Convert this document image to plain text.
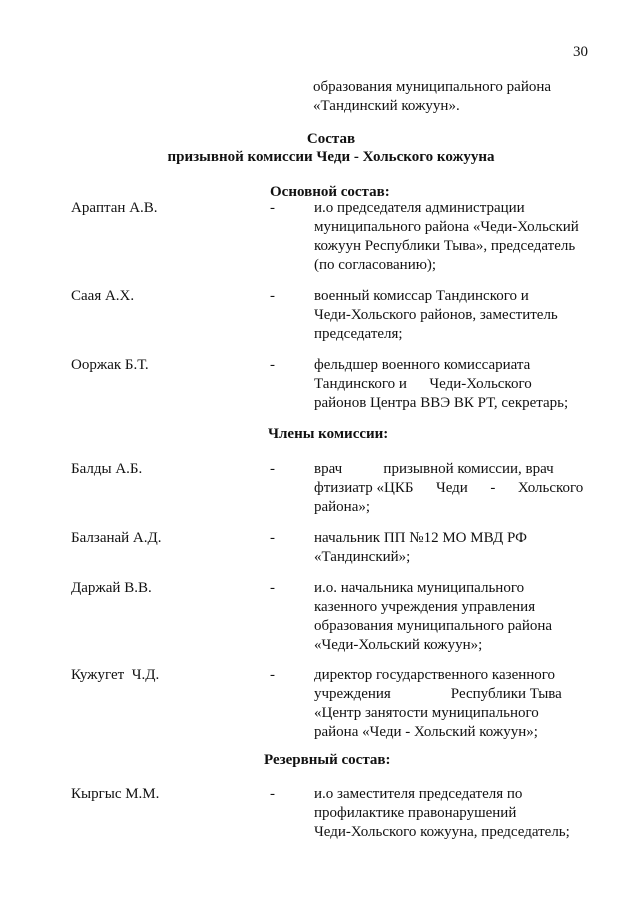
30
образования муниципального района
«Тандинский кожуун».
Состав
призывной комиссии Чеди - Хольского кожууна
Основной состав:
Арaптан А.В.	-	и.о председателя администрации
муниципального района «Чеди-Хольский
кожуун Республики Тыва», председатель
(по согласованию);
Саая А.Х.	-	военный комиссар Тандинского и
Чеди-Хольского районов, заместитель
председателя;
Ооржак Б.Т.	-	фельдшер военного комиссариата
Тандинского и      Чеди-Хольского
районов Центра ВВЭ ВК РТ, секретарь;
Члены комиссии:
Балды А.Б.	-	врач           призывной комиссии, врач
фтизиатр «ЦКБ      Чеди      -      Хольского
района»;
Балзанай А.Д.	-	начальник ПП №12 МО МВД РФ
«Тандинский»;
Даржай В.В.	-	и.о. начальника муниципального
казенного учреждения управления
образования муниципального района
«Чеди-Хольский кожуун»;
Кужугет  Ч.Д.	-	директор государственного казенного
учреждения                Республики Тыва
«Центр занятости муниципального
района «Чеди - Хольский кожуун»;
Резервный состав:
Кыргыс М.М.	-	и.о заместителя председателя по
профилактике правонарушений
Чеди-Хольского кожууна, председатель;
